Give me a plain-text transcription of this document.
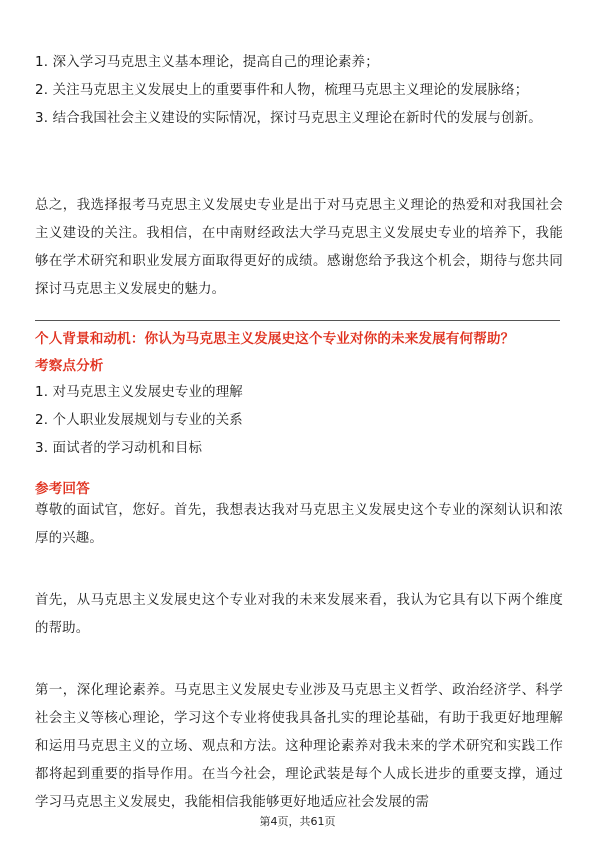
1. 深入学习马克思主义基本理论，提高自己的理论素养；
2. 关注马克思主义发展史上的重要事件和人物，梳理马克思主义理论的发展脉络；
3. 结合我国社会主义建设的实际情况，探讨马克思主义理论在新时代的发展与创新。
总之，我选择报考马克思主义发展史专业是出于对马克思主义理论的热爱和对我国社会主义建设的关注。我相信，在中南财经政法大学马克思主义发展史专业的培养下，我能够在学术研究和职业发展方面取得更好的成绩。感谢您给予我这个机会，期待与您共同探讨马克思主义发展史的魅力。
个人背景和动机：你认为马克思主义发展史这个专业对你的未来发展有何帮助？
考察点分析
1. 对马克思主义发展史专业的理解
2. 个人职业发展规划与专业的关系
3. 面试者的学习动机和目标
参考回答
尊敬的面试官，您好。首先，我想表达我对马克思主义发展史这个专业的深刻认识和浓厚的兴趣。
首先，从马克思主义发展史这个专业对我的未来发展来看，我认为它具有以下两个维度的帮助。
第一，深化理论素养。马克思主义发展史专业涉及马克思主义哲学、政治经济学、科学社会主义等核心理论，学习这个专业将使我具备扎实的理论基础，有助于我更好地理解和运用马克思主义的立场、观点和方法。这种理论素养对我未来的学术研究和实践工作都将起到重要的指导作用。在当今社会，理论武装是每个人成长进步的重要支撑，通过学习马克思主义发展史，我能相信我能够更好地适应社会发展的需
第4页，共61页
